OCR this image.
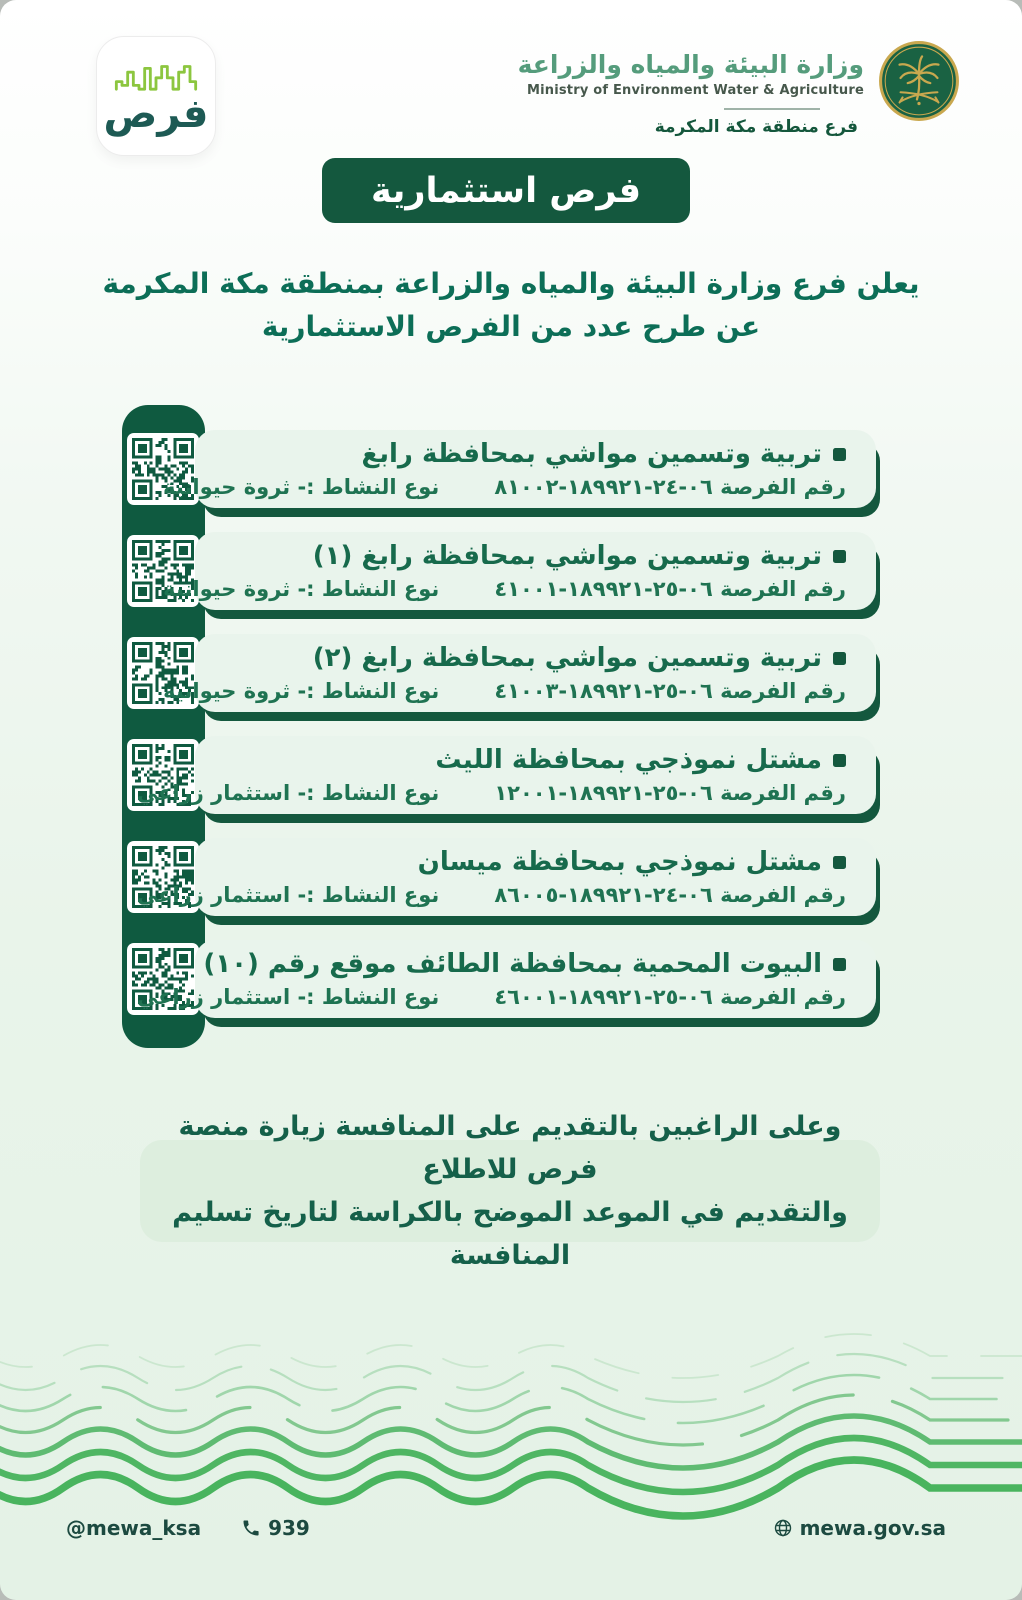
فرص
وزارة البيئة والمياه والزراعة
Ministry of Environment Water & Agriculture
فرع منطقة مكة المكرمة
فرص استثمارية
يعلن فرع وزارة البيئة والمياه والزراعة بمنطقة مكة المكرمة
عن طرح عدد من الفرص الاستثمارية
تربية وتسمين مواشي بمحافظة رابغ
رقم الفرصة ٠٦-٢٤-١٨٩٩٢١-٨١٠٠٢نوع النشاط :- ثروة حيوانية
تربية وتسمين مواشي بمحافظة رابغ (١)
رقم الفرصة ٠٦-٢٥-١٨٩٩٢١-٤١٠٠١نوع النشاط :- ثروة حيوانية
تربية وتسمين مواشي بمحافظة رابغ (٢)
رقم الفرصة ٠٦-٢٥-١٨٩٩٢١-٤١٠٠٣نوع النشاط :- ثروة حيوانية
مشتل نموذجي بمحافظة الليث
رقم الفرصة ٠٦-٢٥-١٨٩٩٢١-١٢٠٠١نوع النشاط :- استثمار زراعي
مشتل نموذجي بمحافظة ميسان
رقم الفرصة ٠٦-٢٤-١٨٩٩٢١-٨٦٠٠٥نوع النشاط :- استثمار زراعي
البيوت المحمية بمحافظة الطائف موقع رقم (١٠)
رقم الفرصة ٠٦-٢٥-١٨٩٩٢١-٤٦٠٠١نوع النشاط :- استثمار زراعي
وعلى الراغبين بالتقديم على المنافسة زيارة منصة فرص للاطلاع
والتقديم في الموعد الموضح بالكراسة لتاريخ تسليم المنافسة
@mewa_ksa	939	mewa.gov.sa
